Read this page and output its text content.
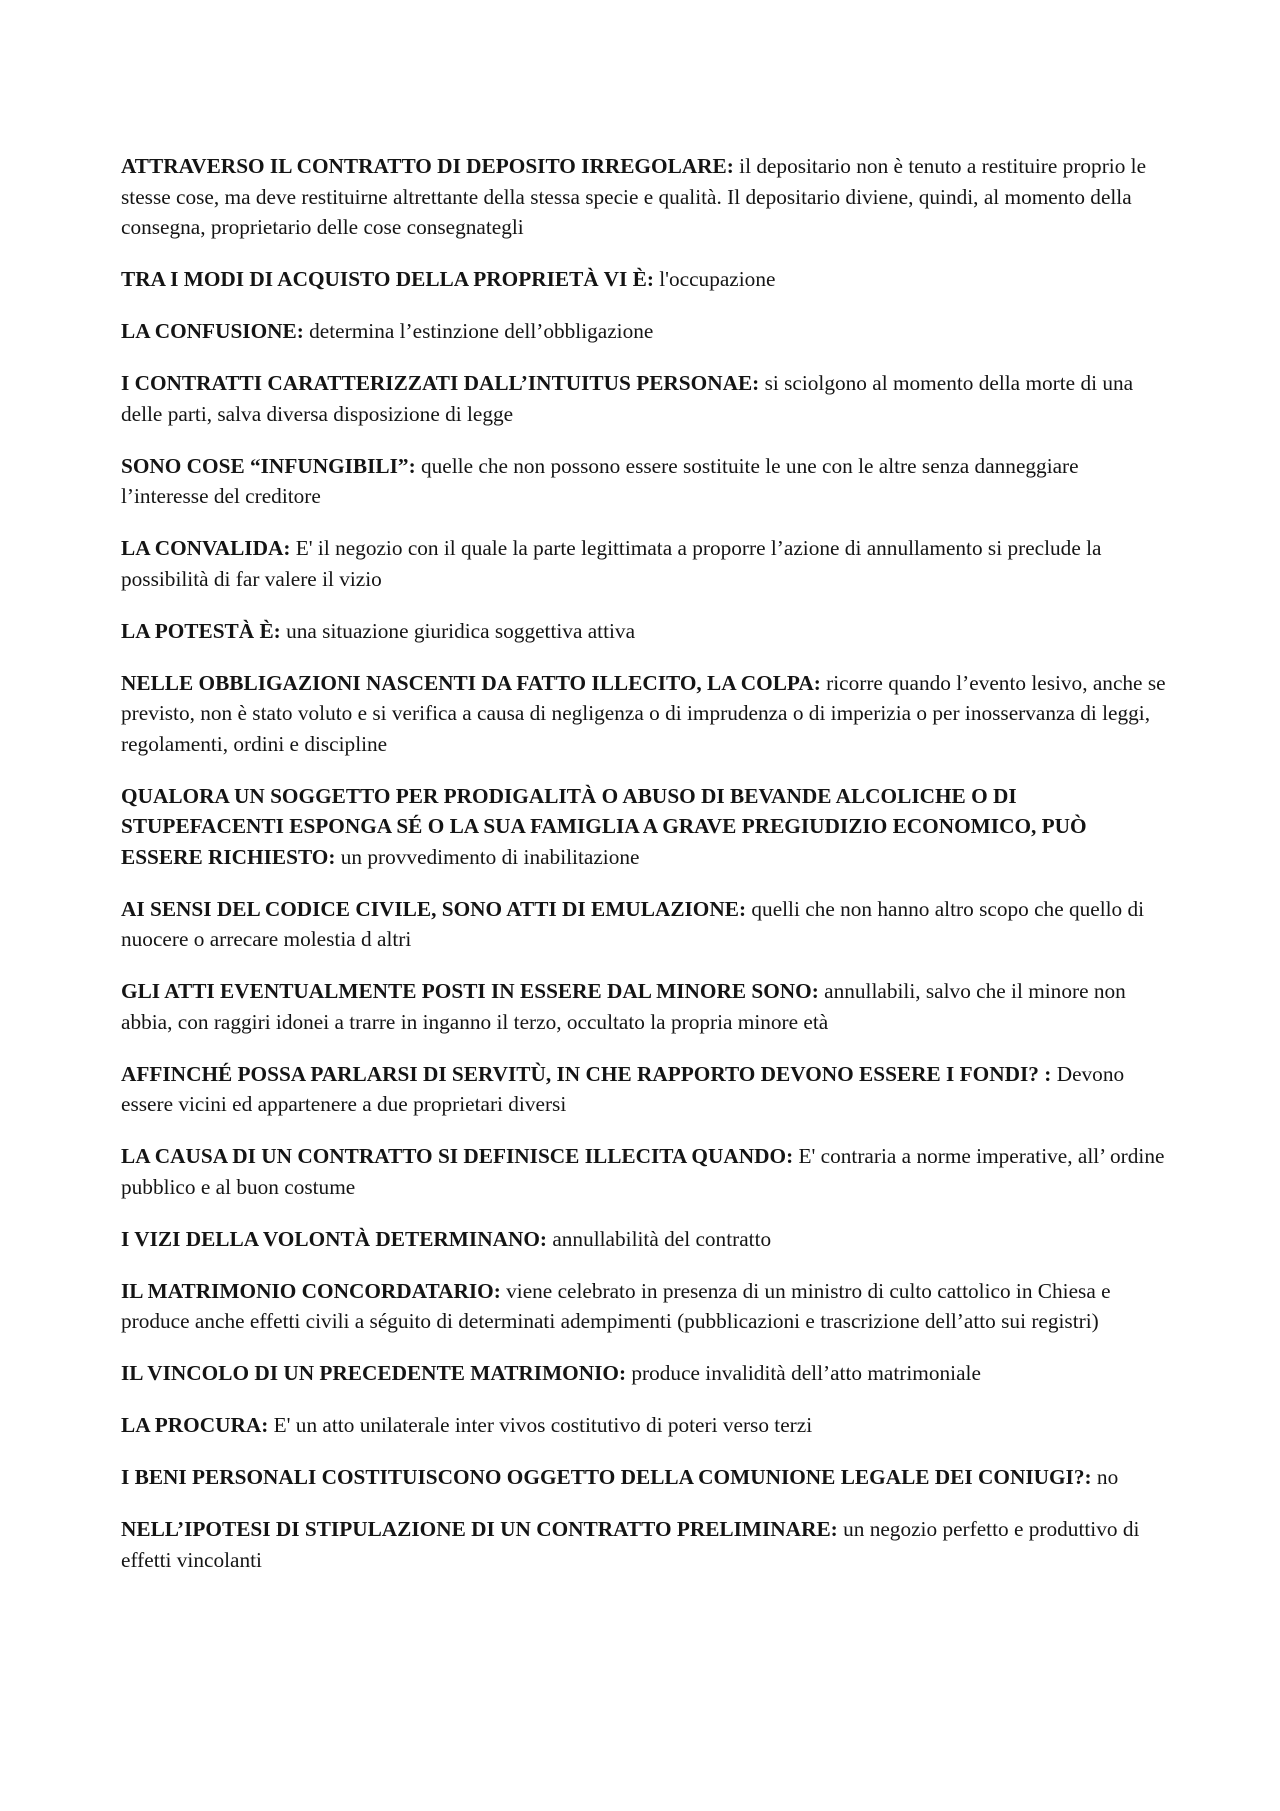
ATTRAVERSO IL CONTRATTO DI DEPOSITO IRREGOLARE: il depositario non è tenuto a restituire proprio le stesse cose, ma deve restituirne altrettante della stessa specie e qualità. Il depositario diviene, quindi, al momento della consegna, proprietario delle cose consegnategli

TRA I MODI DI ACQUISTO DELLA PROPRIETÀ VI È: l'occupazione

LA CONFUSIONE: determina l’estinzione dell’obbligazione

I CONTRATTI CARATTERIZZATI DALL’INTUITUS PERSONAE: si sciolgono al momento della morte di una delle parti, salva diversa disposizione di legge

SONO COSE “INFUNGIBILI”: quelle che non possono essere sostituite le une con le altre senza danneggiare l’interesse del creditore

LA CONVALIDA: E' il negozio con il quale la parte legittimata a proporre l’azione di annullamento si preclude la possibilità di far valere il vizio

LA POTESTÀ È: una situazione giuridica soggettiva attiva

NELLE OBBLIGAZIONI NASCENTI DA FATTO ILLECITO, LA COLPA: ricorre quando l’evento lesivo, anche se previsto, non è stato voluto e si verifica a causa di negligenza o di imprudenza o di imperizia o per inosservanza di leggi, regolamenti, ordini e discipline

QUALORA UN SOGGETTO PER PRODIGALITÀ O ABUSO DI BEVANDE ALCOLICHE O DI STUPEFACENTI ESPONGA SÉ O LA SUA FAMIGLIA A GRAVE PREGIUDIZIO ECONOMICO, PUÒ ESSERE RICHIESTO: un provvedimento di inabilitazione

AI SENSI DEL CODICE CIVILE, SONO ATTI DI EMULAZIONE: quelli che non hanno altro scopo che quello di nuocere o arrecare molestia d altri

GLI ATTI EVENTUALMENTE POSTI IN ESSERE DAL MINORE SONO: annullabili, salvo che il minore non abbia, con raggiri idonei a trarre in inganno il terzo, occultato la propria minore età

AFFINCHÉ POSSA PARLARSI DI SERVITÙ, IN CHE RAPPORTO DEVONO ESSERE I FONDI? : Devono essere vicini ed appartenere a due proprietari diversi

LA CAUSA DI UN CONTRATTO SI DEFINISCE ILLECITA QUANDO: E' contraria a norme imperative, all’ ordine pubblico e al buon costume

I VIZI DELLA VOLONTÀ DETERMINANO: annullabilità del contratto

IL MATRIMONIO CONCORDATARIO: viene celebrato in presenza di un ministro di culto cattolico in Chiesa e produce anche effetti civili a séguito di determinati adempimenti (pubblicazioni e trascrizione dell’atto sui registri)

IL VINCOLO DI UN PRECEDENTE MATRIMONIO: produce invalidità dell’atto matrimoniale

LA PROCURA: E' un atto unilaterale inter vivos costitutivo di poteri verso terzi

I BENI PERSONALI COSTITUISCONO OGGETTO DELLA COMUNIONE LEGALE DEI CONIUGI?: no

NELL’IPOTESI DI STIPULAZIONE DI UN CONTRATTO PRELIMINARE: un negozio perfetto e produttivo di effetti vincolanti
